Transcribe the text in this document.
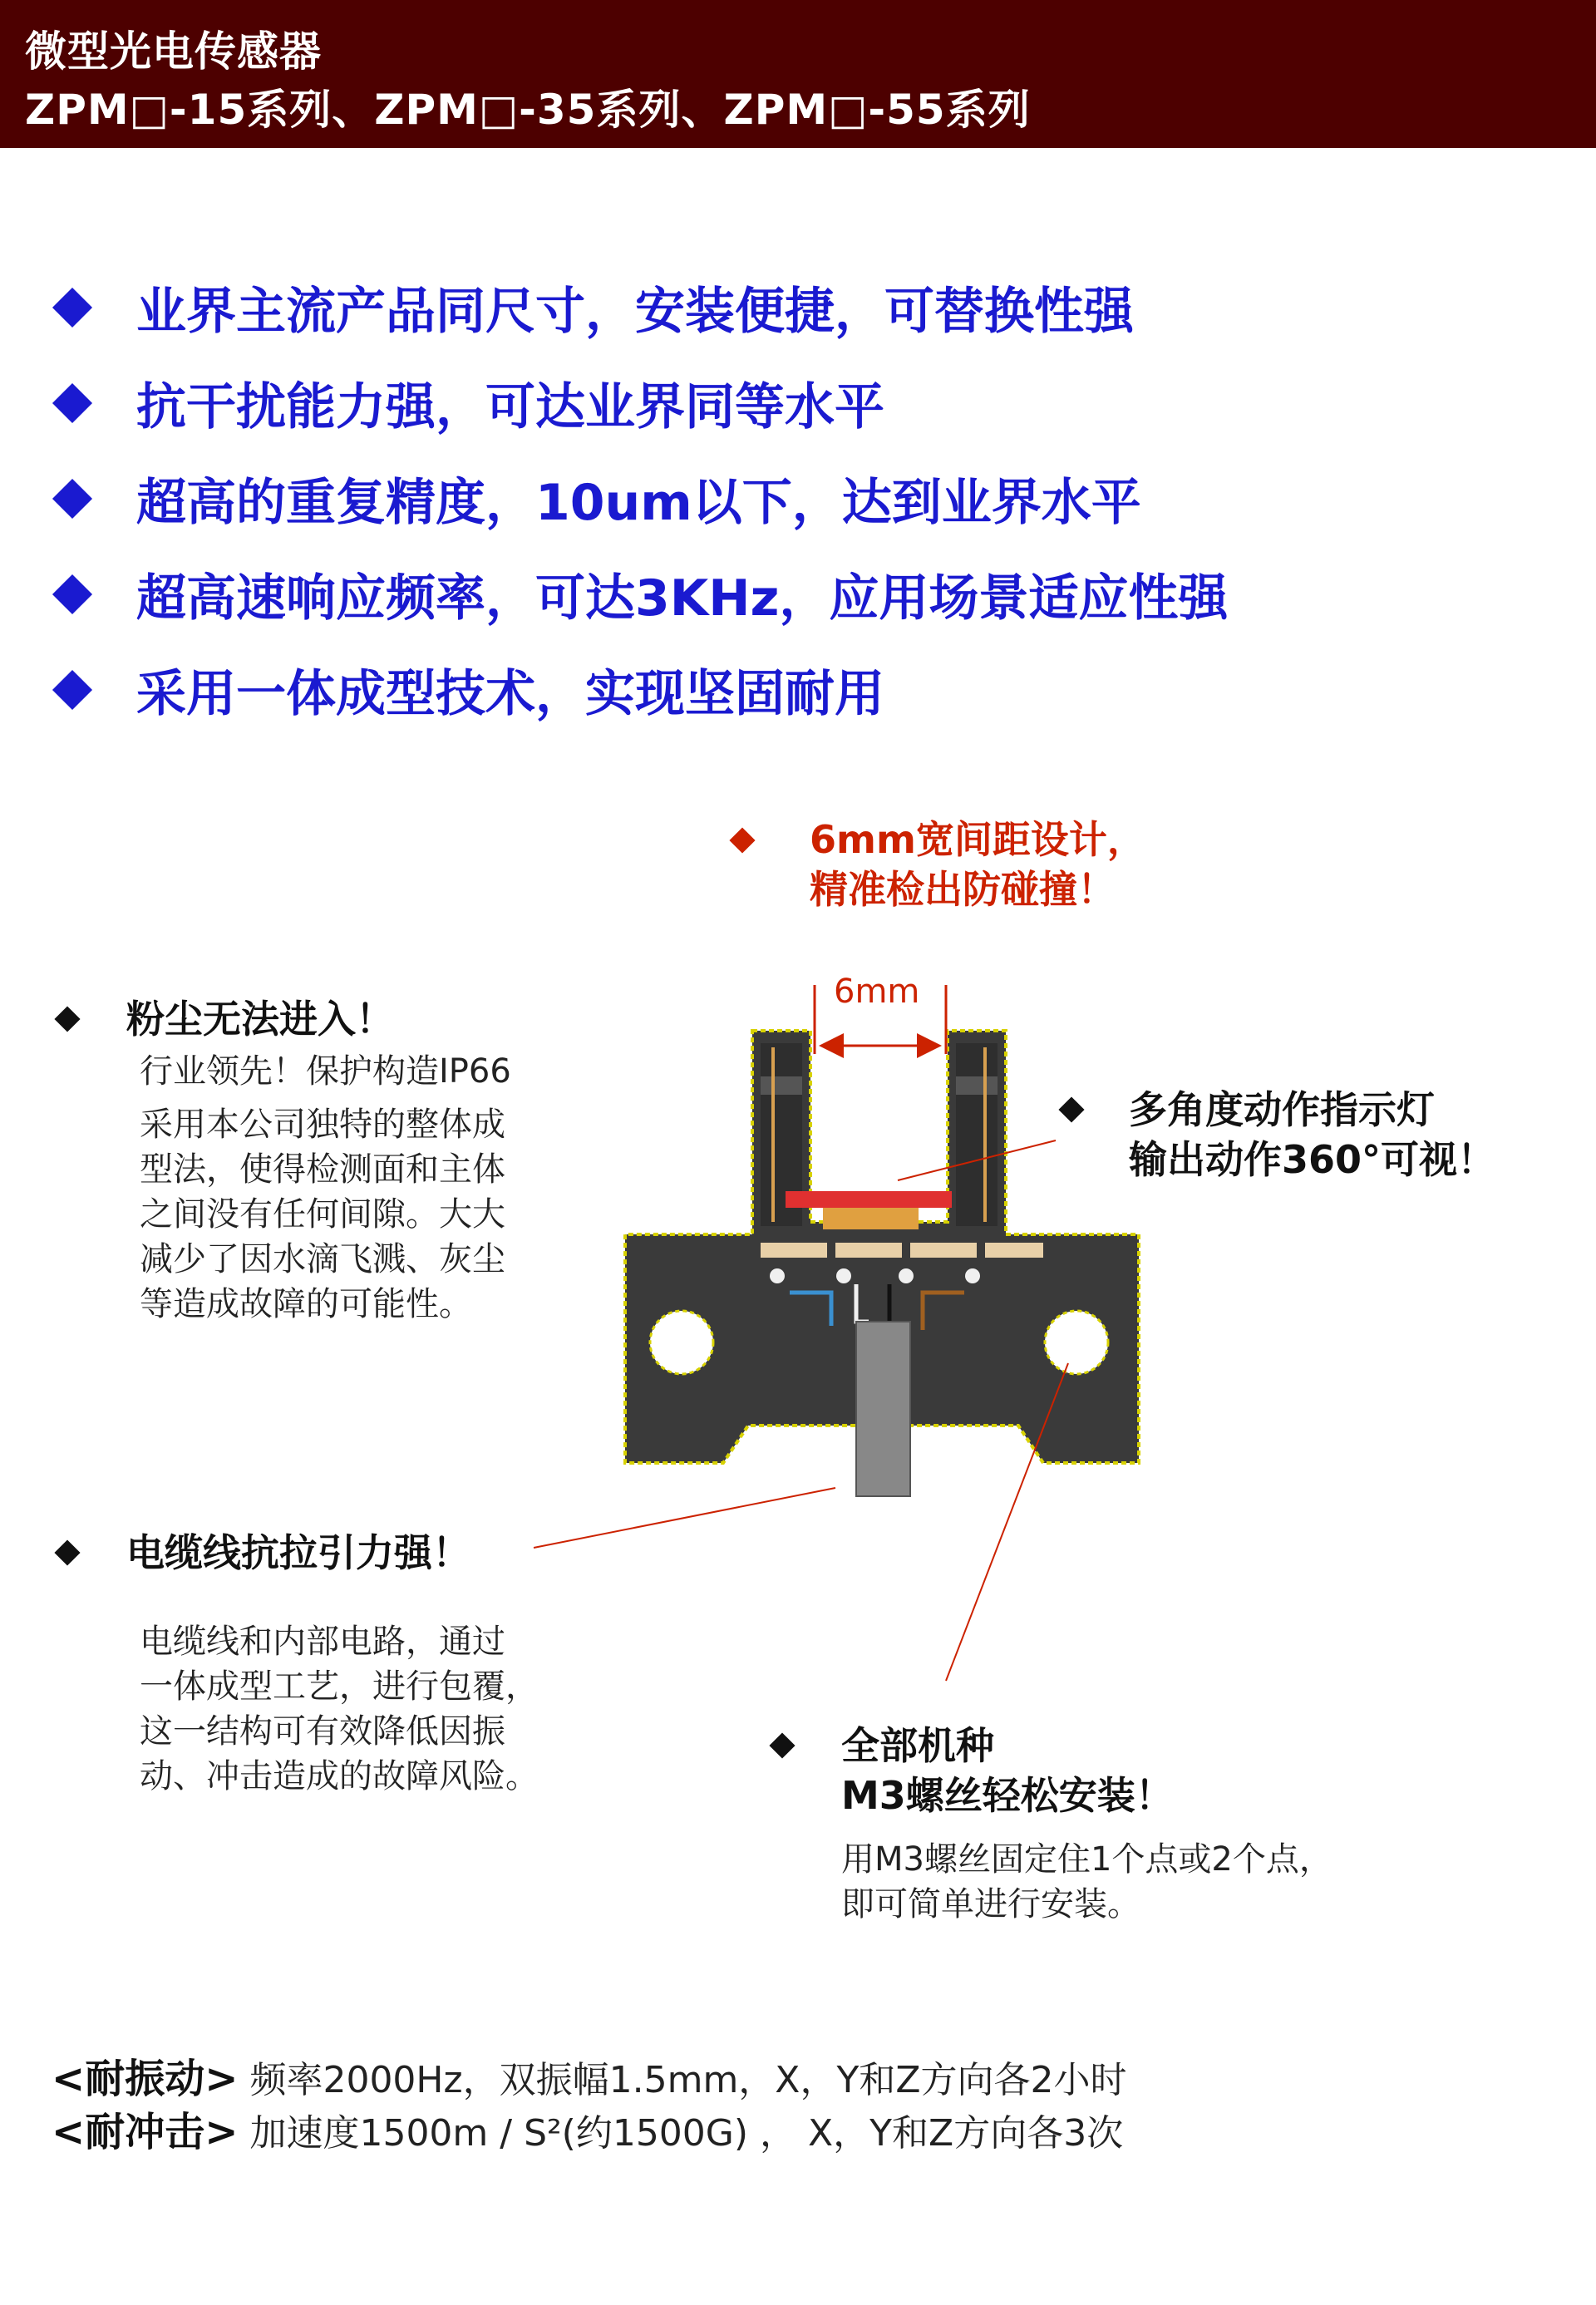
微型光电传感器
ZPM□-15系列、ZPM□-35系列、ZPM□-55系列
业界主流产品同尺寸，安装便捷，可替换性强
抗干扰能力强，可达业界同等水平
超高的重复精度，10um以下，达到业界水平
超高速响应频率，可达3KHz，应用场景适应性强
采用一体成型技术，实现坚固耐用
6mm宽间距设计，
精准检出防碰撞！
6mm
粉尘无法进入！
行业领先！保护构造IP66
采用本公司独特的整体成
型法，使得检测面和主体
之间没有任何间隙。大大
减少了因水滴飞溅、灰尘
等造成故障的可能性。
多角度动作指示灯
输出动作360°可视！
电缆线抗拉引力强！
电缆线和内部电路，通过
一体成型工艺，进行包覆，
这一结构可有效降低因振
动、冲击造成的故障风险。
全部机种
M3螺丝轻松安装！
用M3螺丝固定住1个点或2个点，
即可简单进行安装。
<耐振动> 频率2000Hz，双振幅1.5mm，X，Y和Z方向各2小时
<耐冲击> 加速度1500m / S²(约1500G) ， X，Y和Z方向各3次
